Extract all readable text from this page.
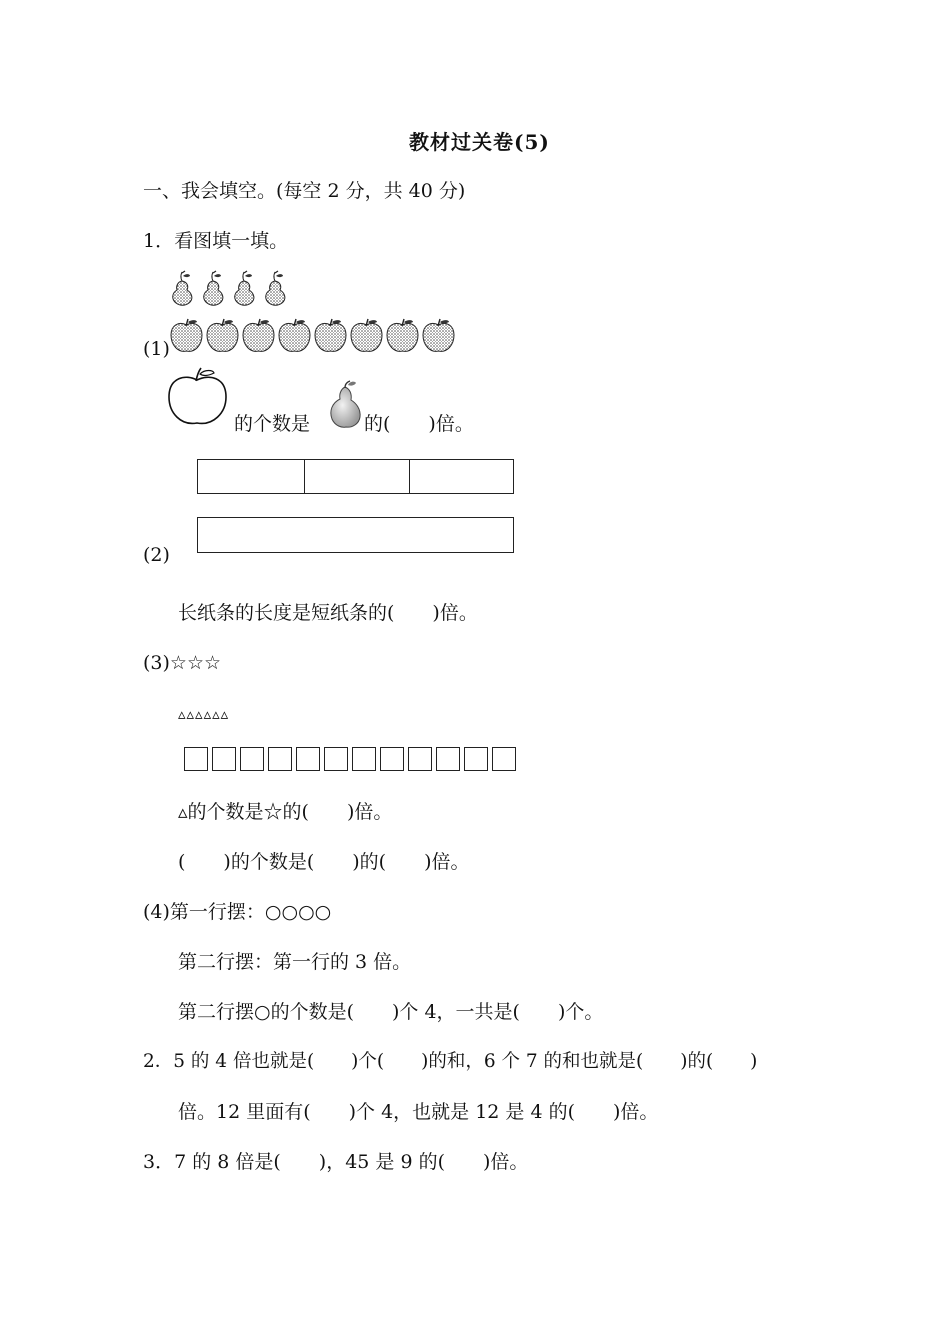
教材过关卷(5)
一、我会填空。(每空 2 分，共 40 分)
1．看图填一填。
(1)
的个数是	的(　　)倍。
(2)
长纸条的长度是短纸条的(　　)倍。
(3)☆☆☆
▵▵▵▵▵▵
▵的个数是☆的(　　)倍。
(　　)的个数是(　　)的(　　)倍。
(4)第一行摆：○○○○
第二行摆：第一行的 3 倍。
第二行摆○的个数是(　　)个 4，一共是(　　)个。
2．5 的 4 倍也就是(　　)个(　　)的和，6 个 7 的和也就是(　　)的(　　)
倍。12 里面有(　　)个 4，也就是 12 是 4 的(　　)倍。
3．7 的 8 倍是(　　)，45 是 9 的(　　)倍。
